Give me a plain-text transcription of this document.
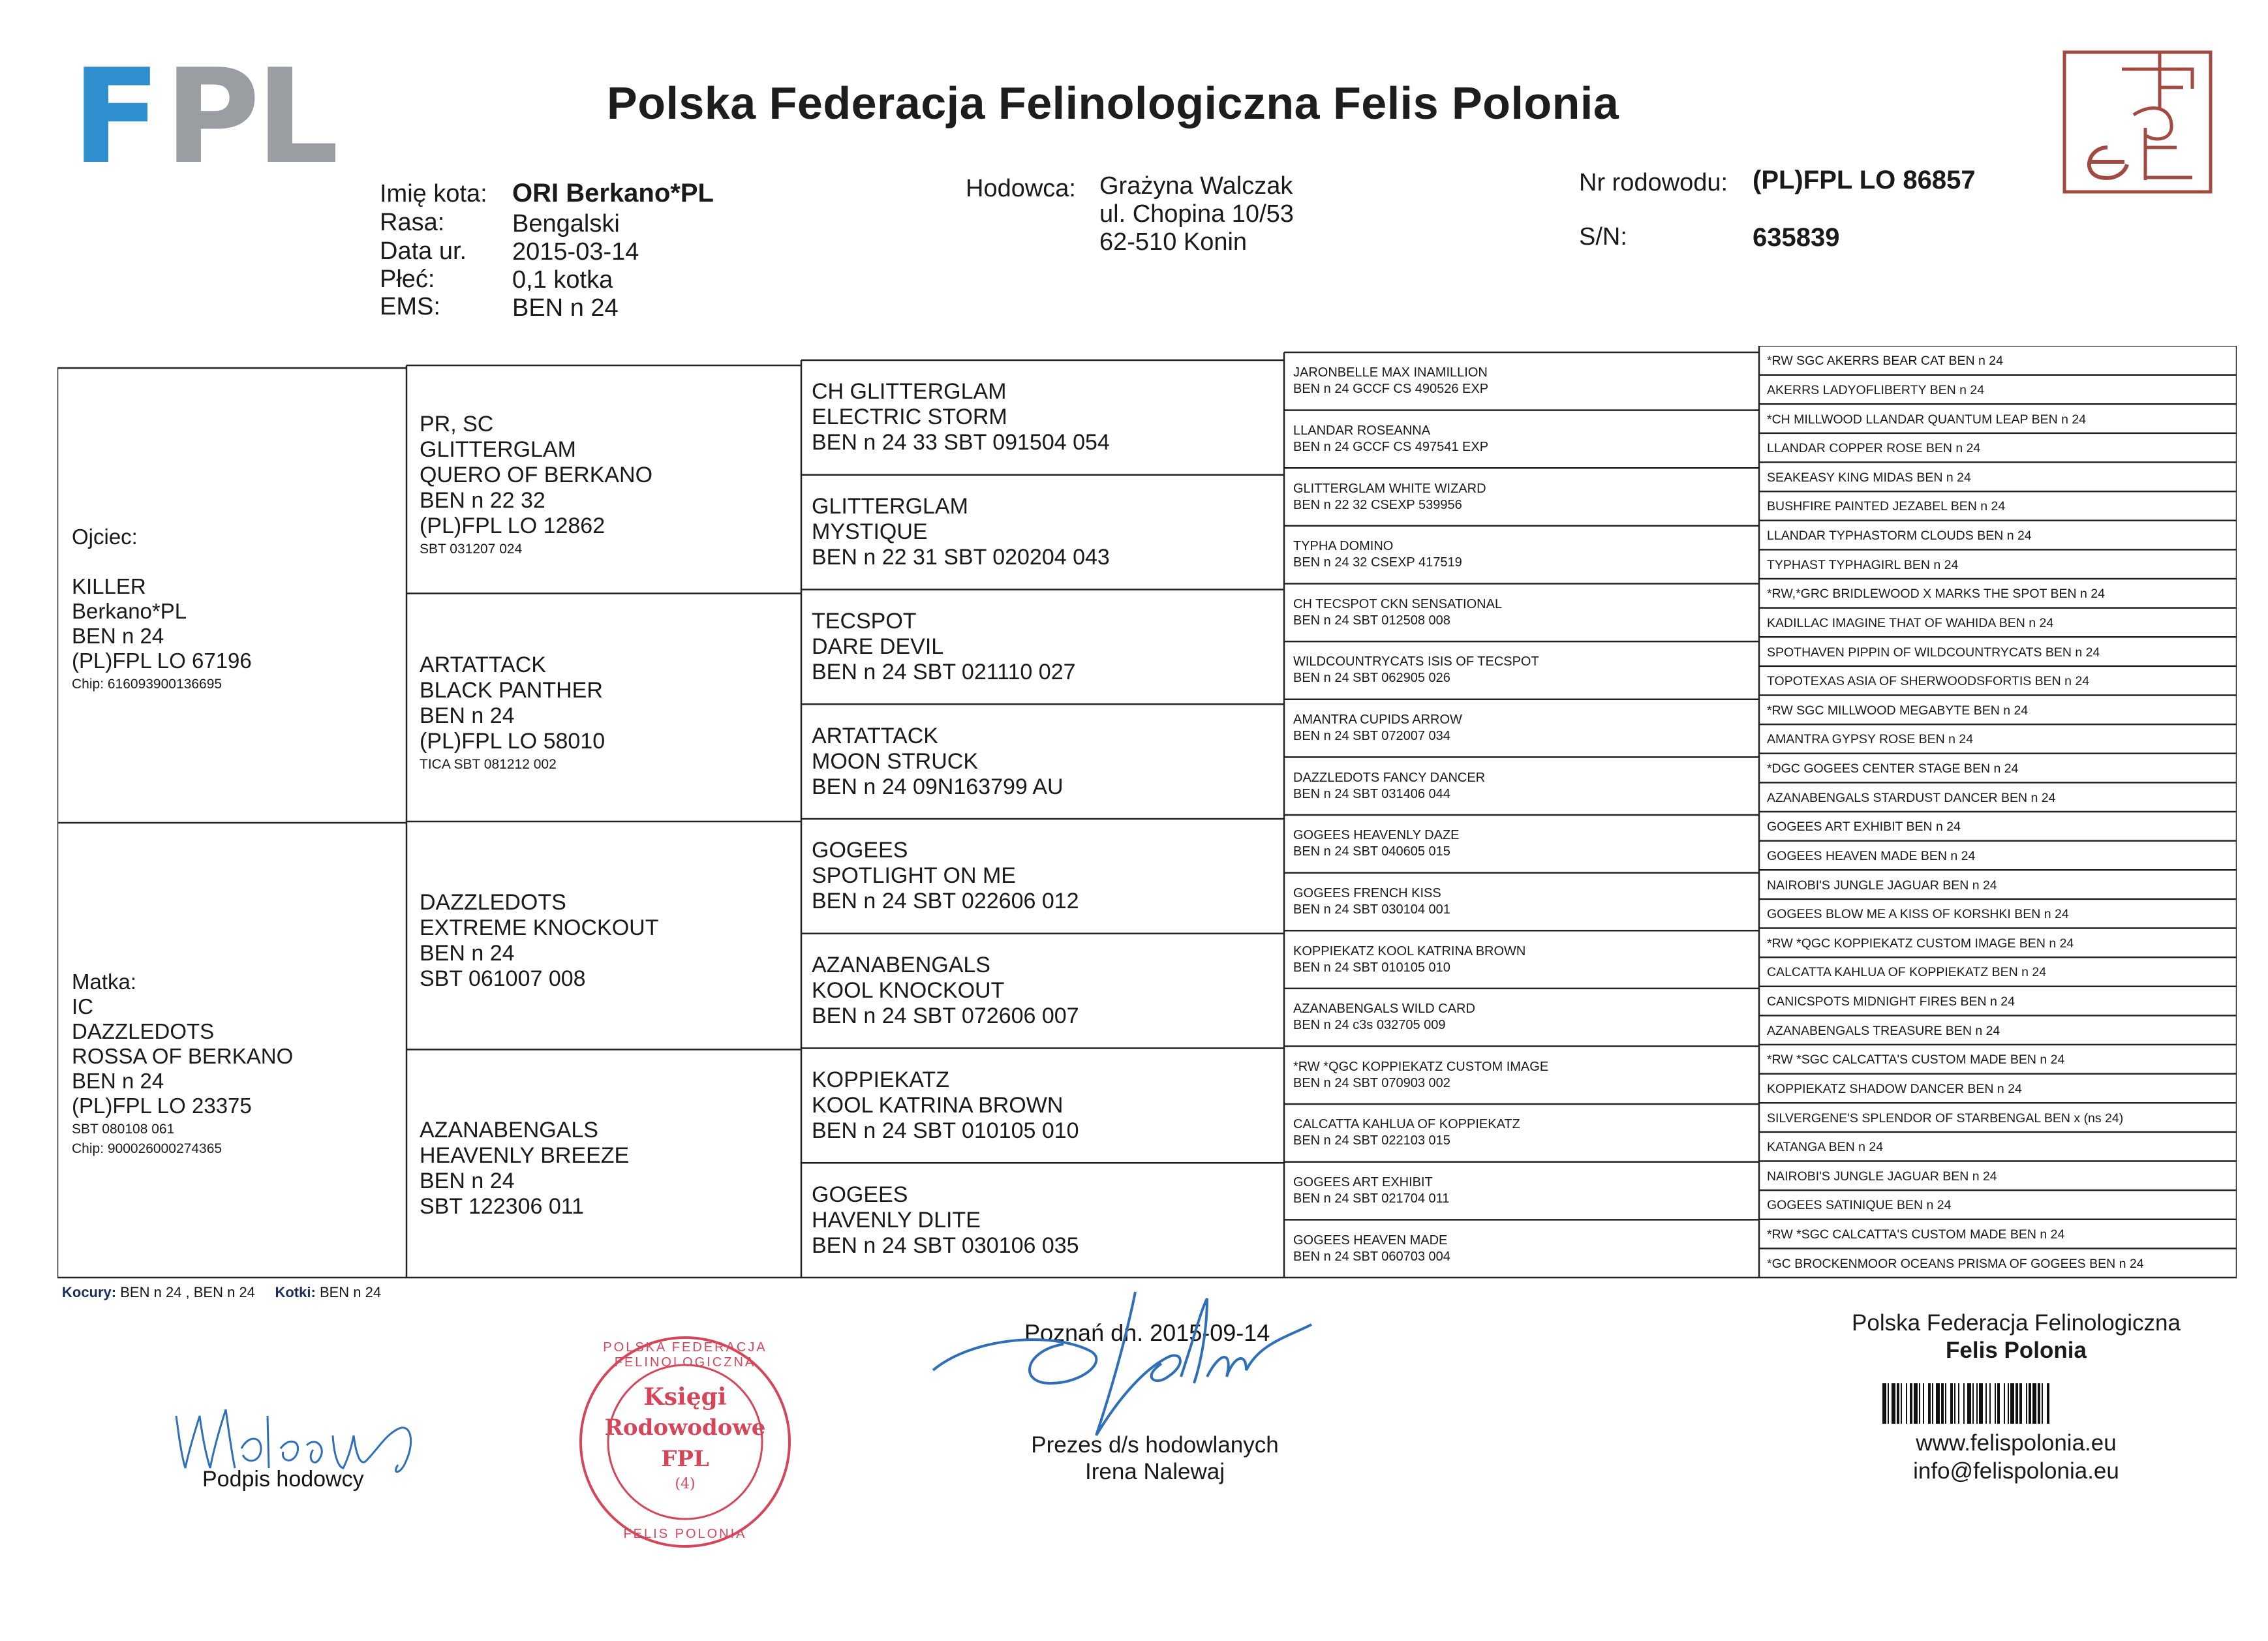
F P L	Polska Federacja Felinologiczna Felis Polonia
Imię kota: ORI Berkano*PL
Rasa:	Bengalski
Data ur. 2015-03-14
Płeć:	0,1 kotka
EMS:	BEN n 24
Hodowca: Grażyna Walczak
ul. Chopina 10/53
62-510 Konin
Nr rodowodu: (PL)FPL LO 86857
S/N:	635839
Ojciec:
KILLER
Berkano*PL
BEN n 24
(PL)FPL LO 67196
Chip: 616093900136695
Matka:
IC
DAZZLEDOTS
ROSSA OF BERKANO
BEN n 24
(PL)FPL LO 23375
SBT 080108 061
Chip: 900026000274365
PR, SC
GLITTERGLAM
QUERO OF BERKANO
BEN n 22 32
(PL)FPL LO 12862
SBT 031207 024
ARTATTACK
BLACK PANTHER
BEN n 24
(PL)FPL LO 58010
TICA SBT 081212 002
DAZZLEDOTS
EXTREME KNOCKOUT
BEN n 24
SBT 061007 008
AZANABENGALS
HEAVENLY BREEZE
BEN n 24
SBT 122306 011
CH GLITTERGLAM
ELECTRIC STORM
BEN n 24 33 SBT 091504 054
GLITTERGLAM
MYSTIQUE
BEN n 22 31 SBT 020204 043
TECSPOT
DARE DEVIL
BEN n 24 SBT 021110 027
ARTATTACK
MOON STRUCK
BEN n 24 09N163799 AU
GOGEES
SPOTLIGHT ON ME
BEN n 24 SBT 022606 012
AZANABENGALS
KOOL KNOCKOUT
BEN n 24 SBT 072606 007
KOPPIEKATZ
KOOL KATRINA BROWN
BEN n 24 SBT 010105 010
GOGEES
HAVENLY DLITE
BEN n 24 SBT 030106 035
JARONBELLE MAX INAMILLION
BEN n 24 GCCF CS 490526 EXP
LLANDAR ROSEANNA
BEN n 24 GCCF CS 497541 EXP
GLITTERGLAM WHITE WIZARD
BEN n 22 32 CSEXP 539956
TYPHA DOMINO
BEN n 24 32 CSEXP 417519
CH TECSPOT CKN SENSATIONAL
BEN n 24 SBT 012508 008
WILDCOUNTRYCATS ISIS OF TECSPOT
BEN n 24 SBT 062905 026
AMANTRA CUPIDS ARROW
BEN n 24 SBT 072007 034
DAZZLEDOTS FANCY DANCER
BEN n 24 SBT 031406 044
GOGEES HEAVENLY DAZE
BEN n 24 SBT 040605 015
GOGEES FRENCH KISS
BEN n 24 SBT 030104 001
KOPPIEKATZ KOOL KATRINA BROWN
BEN n 24 SBT 010105 010
AZANABENGALS WILD CARD
BEN n 24 c3s 032705 009
*RW *QGC KOPPIEKATZ CUSTOM IMAGE
BEN n 24 SBT 070903 002
CALCATTA KAHLUA OF KOPPIEKATZ
BEN n 24 SBT 022103 015
GOGEES ART EXHIBIT
BEN n 24 SBT 021704 011
GOGEES HEAVEN MADE
BEN n 24 SBT 060703 004
*RW SGC AKERRS BEAR CAT BEN n 24
AKERRS LADYOFLIBERTY BEN n 24
*CH MILLWOOD LLANDAR QUANTUM LEAP BEN n 24
LLANDAR COPPER ROSE BEN n 24
SEAKEASY KING MIDAS BEN n 24
BUSHFIRE PAINTED JEZABEL BEN n 24
LLANDAR TYPHASTORM CLOUDS BEN n 24
TYPHAST TYPHAGIRL BEN n 24
*RW,*GRC BRIDLEWOOD X MARKS THE SPOT BEN n 24
KADILLAC IMAGINE THAT OF WAHIDA BEN n 24
SPOTHAVEN PIPPIN OF WILDCOUNTRYCATS BEN n 24
TOPOTEXAS ASIA OF SHERWOODSFORTIS BEN n 24
*RW SGC MILLWOOD MEGABYTE BEN n 24
AMANTRA GYPSY ROSE BEN n 24
*DGC GOGEES CENTER STAGE BEN n 24
AZANABENGALS STARDUST DANCER BEN n 24
GOGEES ART EXHIBIT BEN n 24
GOGEES HEAVEN MADE BEN n 24
NAIROBI'S JUNGLE JAGUAR BEN n 24
GOGEES BLOW ME A KISS OF KORSHKI BEN n 24
*RW *QGC KOPPIEKATZ CUSTOM IMAGE BEN n 24
CALCATTA KAHLUA OF KOPPIEKATZ BEN n 24
CANICSPOTS MIDNIGHT FIRES BEN n 24
AZANABENGALS TREASURE BEN n 24
*RW *SGC CALCATTA'S CUSTOM MADE BEN n 24
KOPPIEKATZ SHADOW DANCER BEN n 24
SILVERGENE'S SPLENDOR OF STARBENGAL BEN x (ns 24)
KATANGA BEN n 24
NAIROBI'S JUNGLE JAGUAR BEN n 24
GOGEES SATINIQUE BEN n 24
*RW *SGC CALCATTA'S CUSTOM MADE BEN n 24
*GC BROCKENMOOR OCEANS PRISMA OF GOGEES BEN n 24
Kocury: BEN n 24 , BEN n 24 Kotki: BEN n 24
Podpis hodowcy
Księgi
Rodowodowe
FPL
(4)
POLSKA FEDERACJA FELINOLOGICZNA
FELIS POLONIA
Poznań dn. 2015-09-14
Prezes d/s hodowlanych
Irena Nalewaj
Polska Federacja Felinologiczna
Felis Polonia
www.felispolonia.eu
info@felispolonia.eu
